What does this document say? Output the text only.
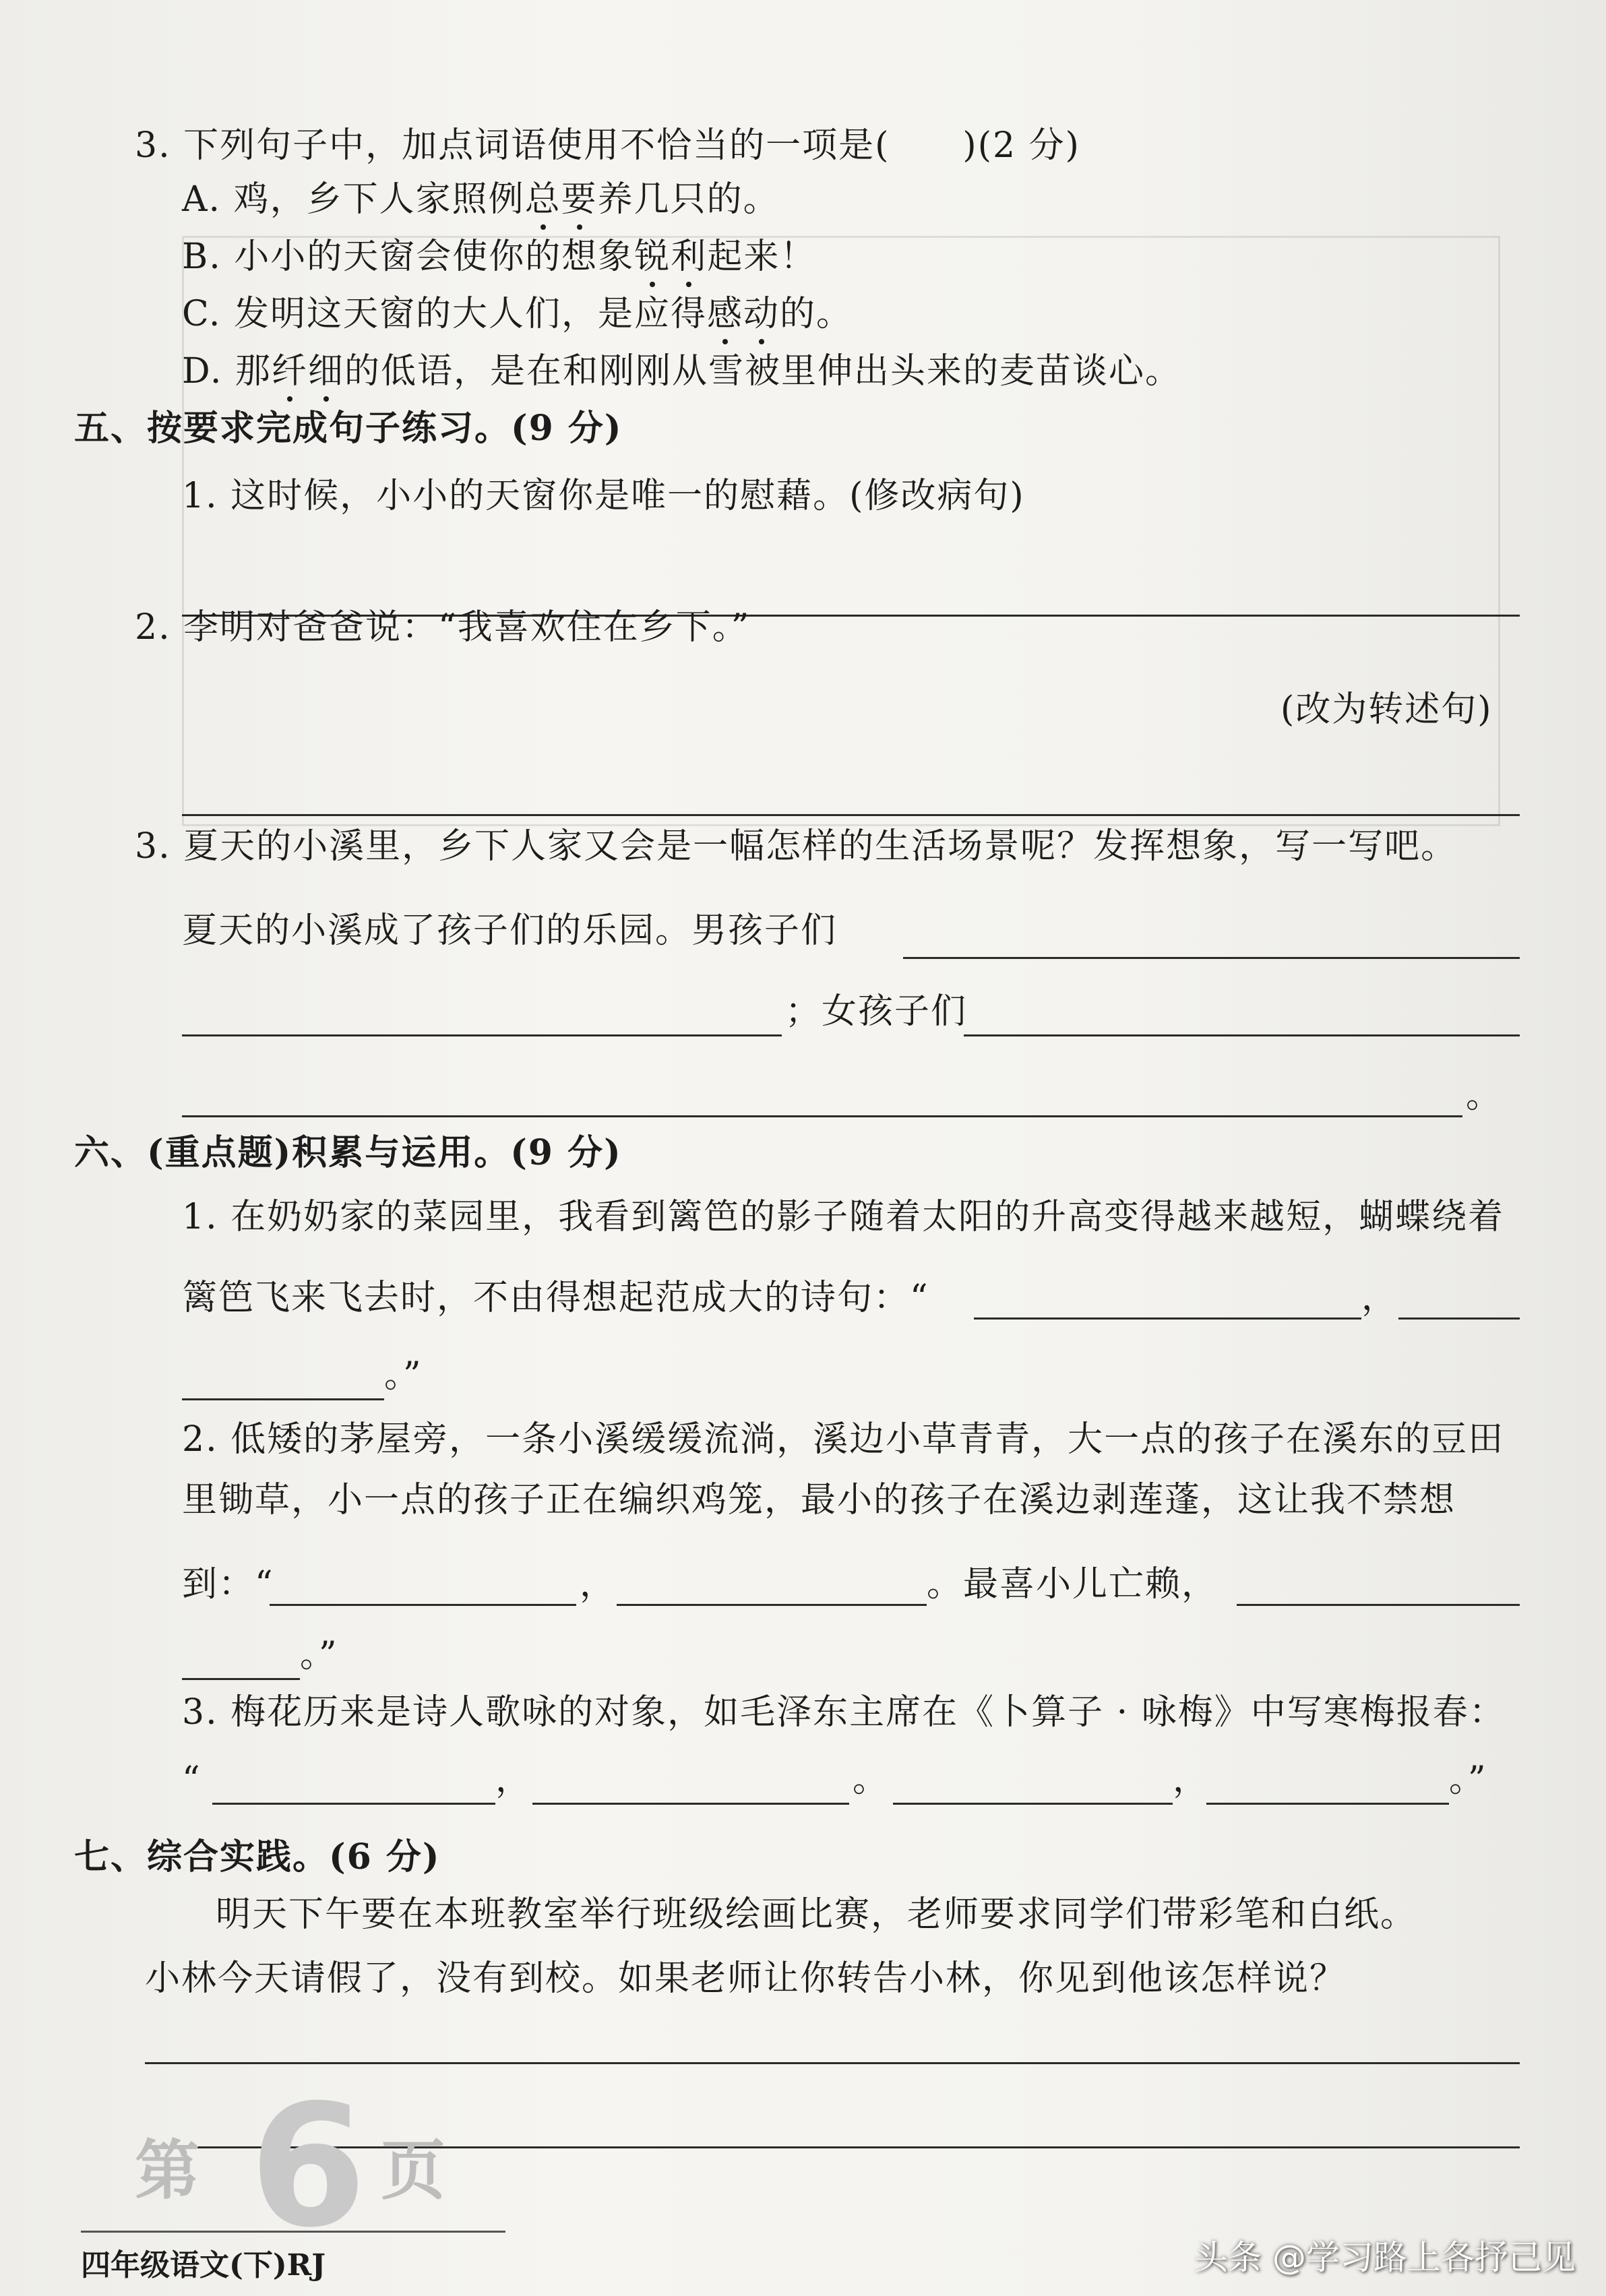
3. 下列句子中，加点词语使用不恰当的一项是(　　)(2 分)
A. 鸡，乡下人家照例总要养几只的。
B. 小小的天窗会使你的想象锐利起来！
C. 发明这天窗的大人们，是应得感动的。
D. 那纤细的低语，是在和刚刚从雪被里伸出头来的麦苗谈心。
五、按要求完成句子练习。(9 分)
1. 这时候，小小的天窗你是唯一的慰藉。(修改病句)
2. 李明对爸爸说：“我喜欢住在乡下。”
(改为转述句)
3. 夏天的小溪里，乡下人家又会是一幅怎样的生活场景呢？发挥想象，写一写吧。
夏天的小溪成了孩子们的乐园。男孩子们
；女孩子们
。
六、(重点题)积累与运用。(9 分)
1. 在奶奶家的菜园里，我看到篱笆的影子随着太阳的升高变得越来越短，蝴蝶绕着
篱笆飞来飞去时，不由得想起范成大的诗句：“	，
。”
2. 低矮的茅屋旁，一条小溪缓缓流淌，溪边小草青青，大一点的孩子在溪东的豆田
里锄草，小一点的孩子正在编织鸡笼，最小的孩子在溪边剥莲蓬，这让我不禁想
到：“	，	。最喜小儿亡赖，
。”
3. 梅花历来是诗人歌咏的对象，如毛泽东主席在《卜算子 · 咏梅》中写寒梅报春：
“	，	。	，	。”
七、综合实践。(6 分)
明天下午要在本班教室举行班级绘画比赛，老师要求同学们带彩笔和白纸。
小林今天请假了，没有到校。如果老师让你转告小林，你见到他该怎样说？
第 6 页
四年级语文(下)RJ	头条 @学习路上各抒己见
